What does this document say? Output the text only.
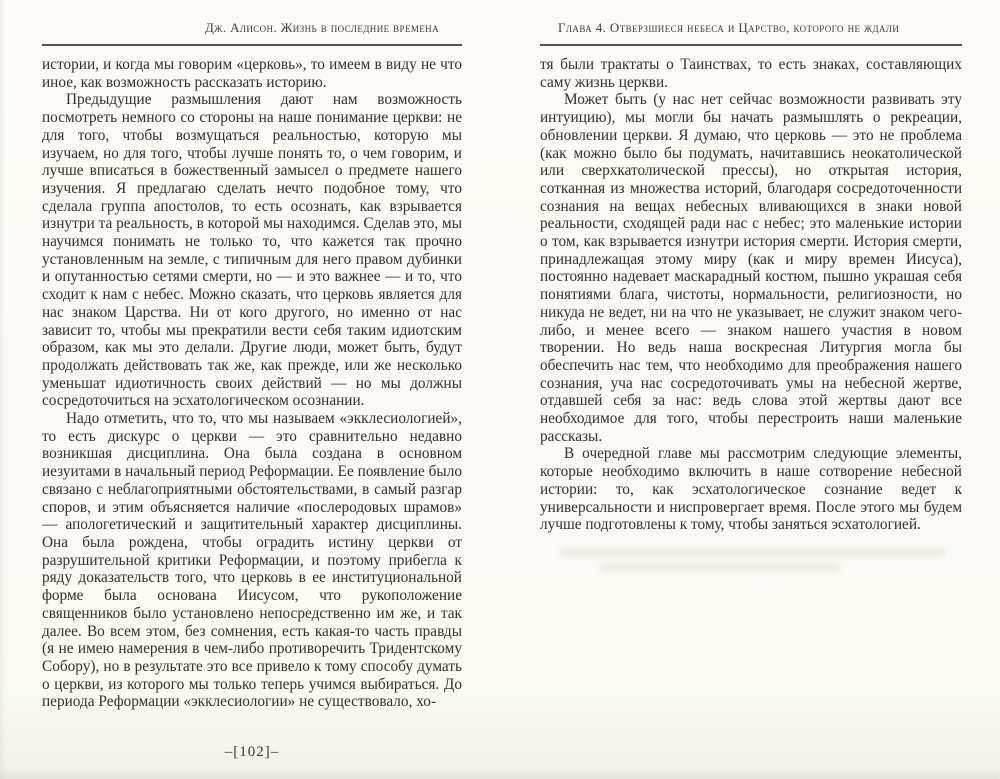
Дж. Алисон. Жизнь в последние времена

истории, и когда мы говорим «церковь», то имеем в виду не что иное, как возможность рассказать историю.

Предыдущие размышления дают нам возможность посмотреть немного со стороны на наше понимание церкви: не для того, чтобы возмущаться реальностью, которую мы изучаем, но для того, чтобы лучше понять то, о чем говорим, и лучше вписаться в божественный замысел о предмете нашего изучения. Я предлагаю сделать нечто подобное тому, что сделала группа апостолов, то есть осознать, как взрывается изнутри та реальность, в которой мы находимся. Сделав это, мы научимся понимать не только то, что кажется так прочно установленным на земле, с типичным для него правом дубинки и опутанностью сетями смерти, но — и это важнее — и то, что сходит к нам с небес. Можно сказать, что церковь является для нас знаком Царства. Ни от кого другого, но именно от нас зависит то, чтобы мы прекратили вести себя таким идиотским образом, как мы это делали. Другие люди, может быть, будут продолжать действовать так же, как прежде, или же несколько уменьшат идиотичность своих действий — но мы должны сосредоточиться на эсхатологическом осознании.

Надо отметить, что то, что мы называем «экклесиологией», то есть дискурс о церкви — это сравнительно недавно возникшая дисциплина. Она была создана в основном иезуитами в начальный период Реформации. Ее появление было связано с неблагоприятными обстоятельствами, в самый разгар споров, и этим объясняется наличие «послеродовых шрамов» — апологетический и защитительный характер дисциплины. Она была рождена, чтобы оградить истину церкви от разрушительной критики Реформации, и поэтому прибегла к ряду доказательств того, что церковь в ее институциональной форме была основана Иисусом, что рукоположение священников было установлено непосредственно им же, и так далее. Во всем этом, без сомнения, есть какая-то часть правды (я не имею намерения в чем-либо противоречить Тридентскому Собору), но в результате это все привело к тому способу думать о церкви, из которого мы только теперь учимся выбираться. До периода Реформации «экклесиологии» не существовало, хо-

–[102]–
Глава 4. Отверзшиеся небеса и Царство, которого не ждали

тя были трактаты о Таинствах, то есть знаках, составляющих саму жизнь церкви.

Может быть (у нас нет сейчас возможности развивать эту интуицию), мы могли бы начать размышлять о рекреации, обновлении церкви. Я думаю, что церковь — это не проблема (как можно было бы подумать, начитавшись неокатолической или сверхкатолической прессы), но открытая история, сотканная из множества историй, благодаря сосредоточенности сознания на вещах небесных вливающихся в знаки новой реальности, сходящей ради нас с небес; это маленькие истории о том, как взрывается изнутри история смерти. История смерти, принадлежащая этому миру (как и миру времен Иисуса), постоянно надевает маскарадный костюм, пышно украшая себя понятиями блага, чистоты, нормальности, религиозности, но никуда не ведет, ни на что не указывает, не служит знаком чего-либо, и менее всего — знаком нашего участия в новом творении. Но ведь наша воскресная Литургия могла бы обеспечить нас тем, что необходимо для преображения нашего сознания, уча нас сосредоточивать умы на небесной жертве, отдавшей себя за нас: ведь слова этой жертвы дают все необходимое для того, чтобы перестроить наши маленькие рассказы.

В очередной главе мы рассмотрим следующие элементы, которые необходимо включить в наше сотворение небесной истории: то, как эсхатологическое сознание ведет к универсальности и ниспровергает время. После этого мы будем лучше подготовлены к тому, чтобы заняться эсхатологией.
